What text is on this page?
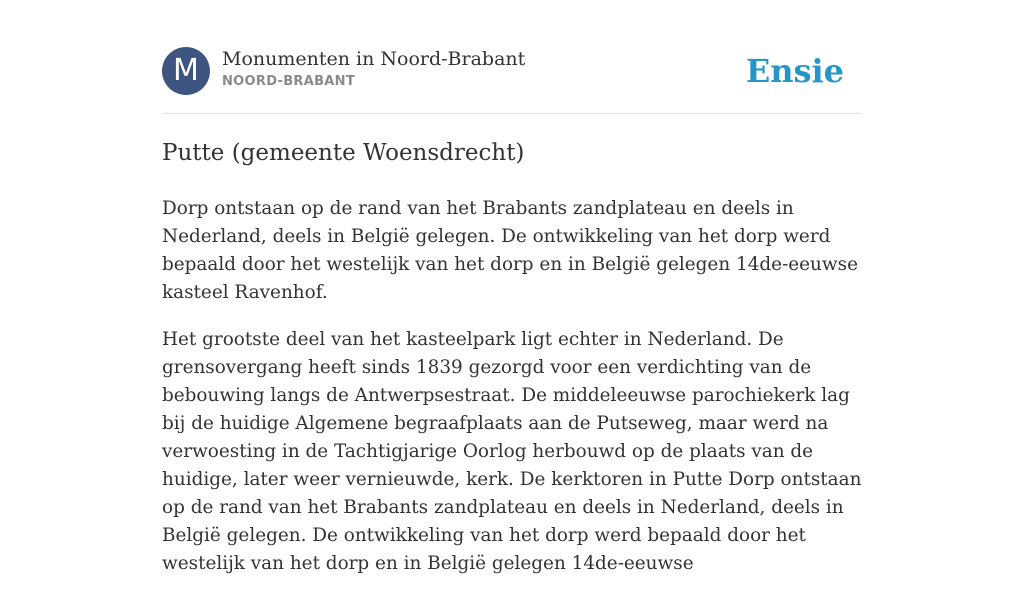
M	Monumenten in Noord-Brabant
NOORD-BRABANT	Ensie
Putte (gemeente Woensdrecht)

Dorp ontstaan op de rand van het Brabants zandplateau en deels in Nederland, deels in België gelegen. De ontwikkeling van het dorp werd bepaald door het westelijk van het dorp en in België gelegen 14de-eeuwse kasteel Ravenhof.

Het grootste deel van het kasteelpark ligt echter in Nederland. De grensovergang heeft sinds 1839 gezorgd voor een verdichting van de bebouwing langs de Antwerpsestraat. De middeleeuwse parochiekerk lag bij de huidige Algemene begraafplaats aan de Putseweg, maar werd na verwoesting in de Tachtigjarige Oorlog herbouwd op de plaats van de huidige, later weer vernieuwde, kerk. De kerktoren in Putte Dorp ontstaan op de rand van het Brabants zandplateau en deels in Nederland, deels in België gelegen. De ontwikkeling van het dorp werd bepaald door het westelijk van het dorp en in België gelegen 14de-eeuwse
